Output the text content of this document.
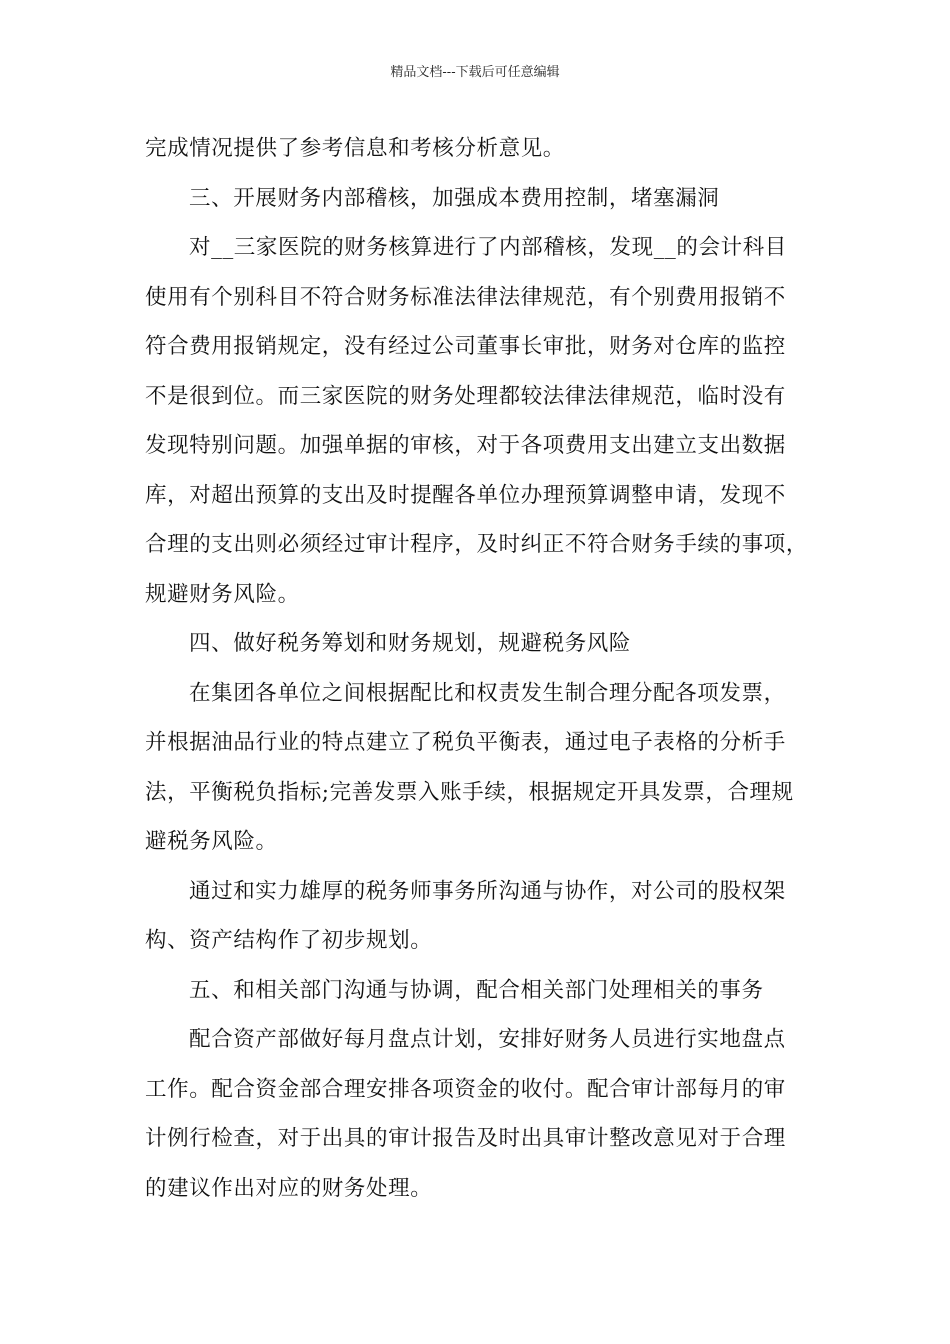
精品文档---下载后可任意编辑

完成情况提供了参考信息和考核分析意见。

三、开展财务内部稽核，加强成本费用控制，堵塞漏洞

对__三家医院的财务核算进行了内部稽核，发现__的会计科目

使用有个别科目不符合财务标准法律法律规范，有个别费用报销不

符合费用报销规定，没有经过公司董事长审批，财务对仓库的监控

不是很到位。而三家医院的财务处理都较法律法律规范，临时没有

发现特别问题。加强单据的审核，对于各项费用支出建立支出数据

库，对超出预算的支出及时提醒各单位办理预算调整申请，发现不

合理的支出则必须经过审计程序，及时纠正不符合财务手续的事项，

规避财务风险。

四、做好税务筹划和财务规划，规避税务风险

在集团各单位之间根据配比和权责发生制合理分配各项发票，

并根据油品行业的特点建立了税负平衡表，通过电子表格的分析手

法，平衡税负指标;完善发票入账手续，根据规定开具发票，合理规

避税务风险。

通过和实力雄厚的税务师事务所沟通与协作，对公司的股权架

构、资产结构作了初步规划。

五、和相关部门沟通与协调，配合相关部门处理相关的事务

配合资产部做好每月盘点计划，安排好财务人员进行实地盘点

工作。配合资金部合理安排各项资金的收付。配合审计部每月的审

计例行检查，对于出具的审计报告及时出具审计整改意见对于合理

的建议作出对应的财务处理。
